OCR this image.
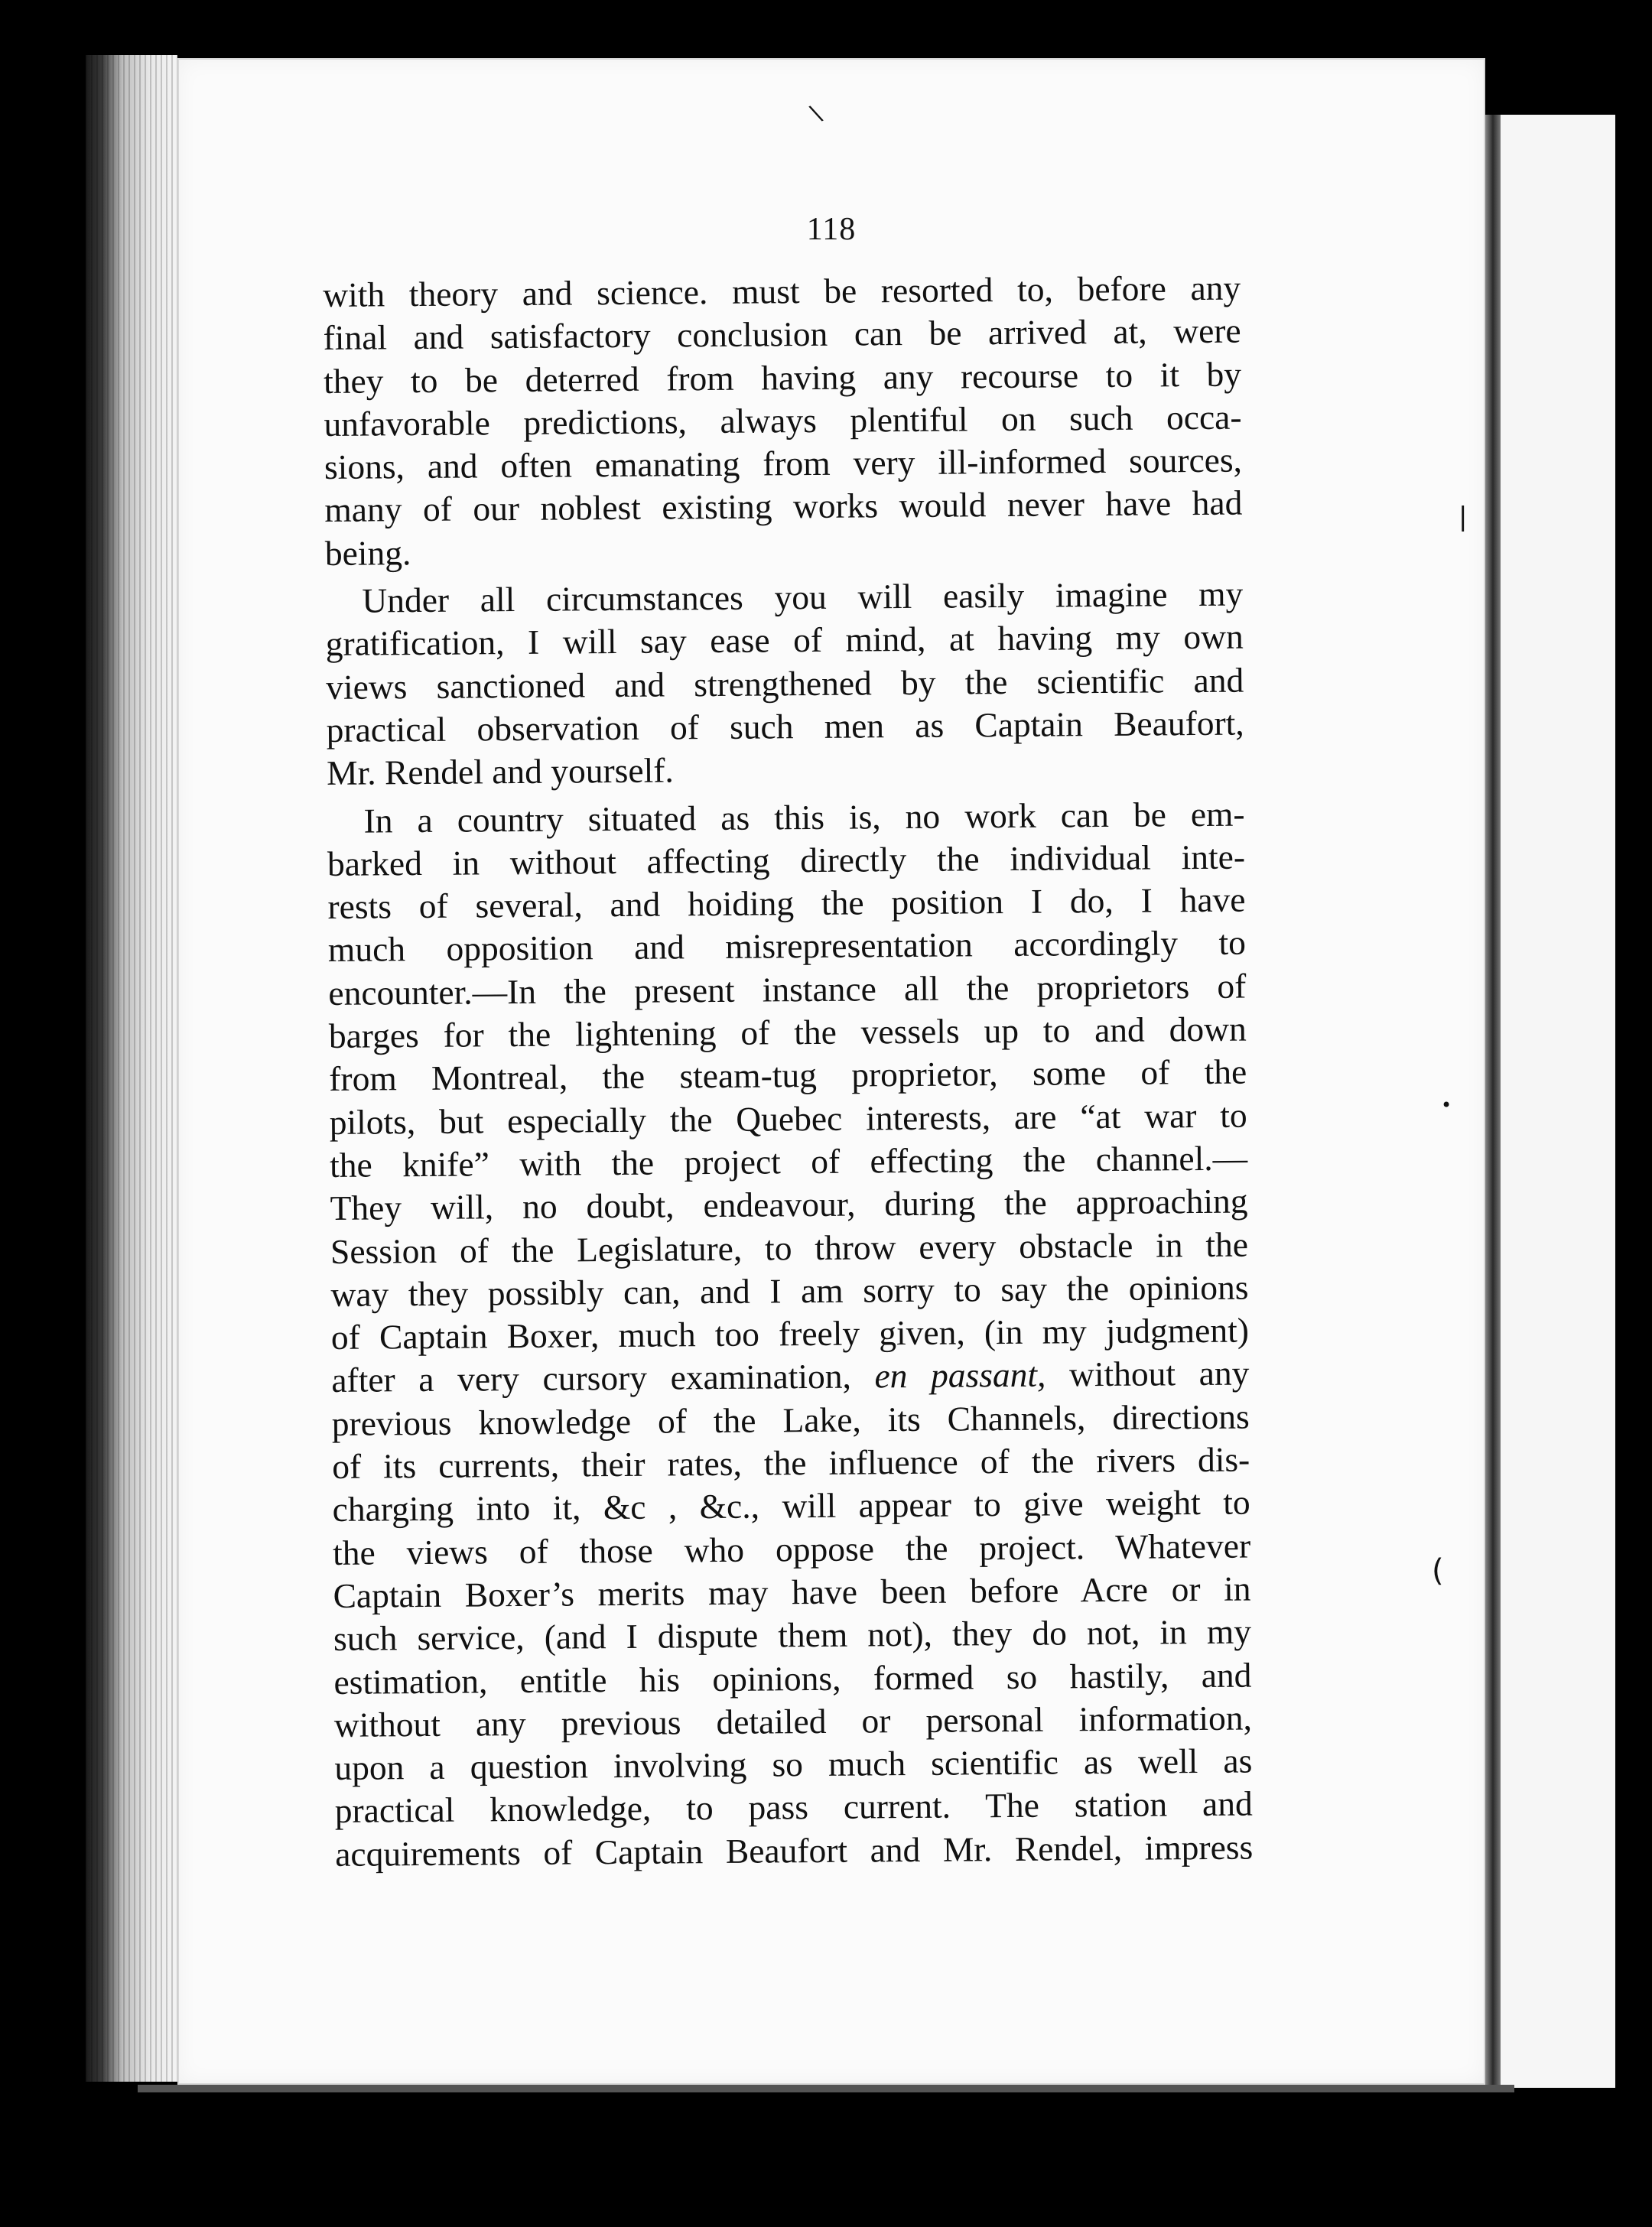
118
with theory and science. must be resorted to, before any
final and satisfactory conclusion can be arrived at, were
they to be deterred from having any recourse to it by
unfavorable predictions, always plentiful on such occa-
sions, and often emanating from very ill-informed sources,
many of our noblest existing works would never have had
being.
Under all circumstances you will easily imagine my
gratification, I will say ease of mind, at having my own
views sanctioned and strengthened by the scientific and
practical observation of such men as Captain Beaufort,
Mr. Rendel and yourself.
In a country situated as this is, no work can be em-
barked in without affecting directly the individual inte-
rests of several, and hoiding the position I do, I have
much opposition and misrepresentation accordingly to
encounter.—In the present instance all the proprietors of
barges for the lightening of the vessels up to and down
from Montreal, the steam-tug proprietor, some of the
pilots, but especially the Quebec interests, are “at war to
the knife” with the project of effecting the channel.—
They will, no doubt, endeavour, during the approaching
Session of the Legislature, to throw every obstacle in the
way they possibly can, and I am sorry to say the opinions
of Captain Boxer, much too freely given, (in my judgment)
after a very cursory examination, en passant, without any
previous knowledge of the Lake, its Channels, directions
of its currents, their rates, the influence of the rivers dis-
charging into it, &c , &c., will appear to give weight to
the views of those who oppose the project. Whatever
Captain Boxer’s merits may have been before Acre or in
such service, (and I dispute them not), they do not, in my
estimation, entitle his opinions, formed so hastily, and
without any previous detailed or personal information,
upon a question involving so much scientific as well as
practical knowledge, to pass current. The station and
acquirements of Captain Beaufort and Mr. Rendel, impress
|
•
(
\
